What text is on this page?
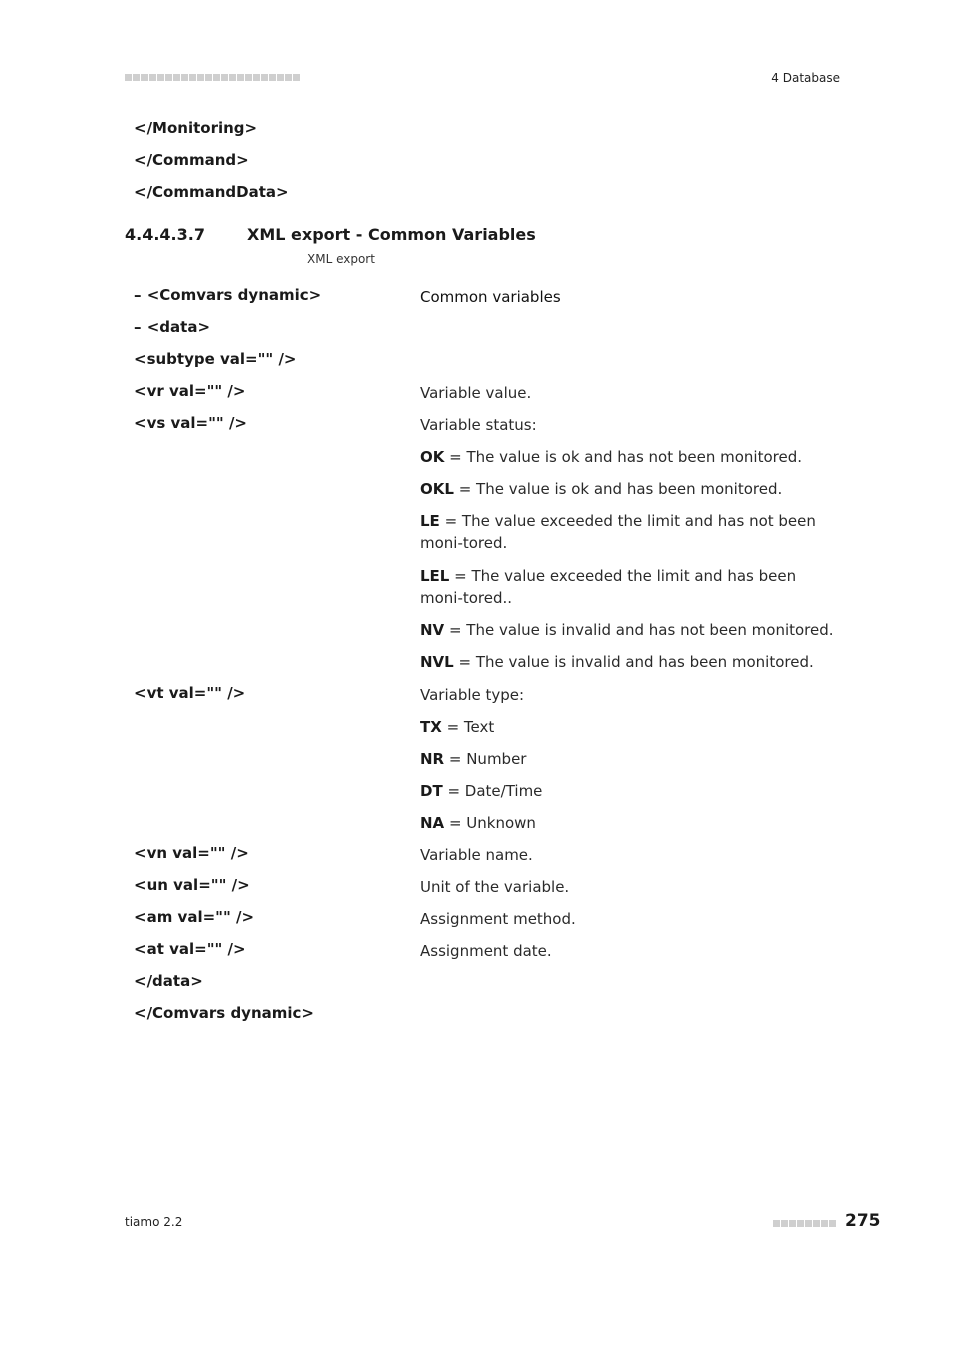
4 Database
</Monitoring>
</Command>
</CommandData>
4.4.4.3.7	XML export - Common Variables
XML export
– <Comvars dynamic>	Common variables
– <data>
<subtype val="" />
<vr val="" />	Variable value.
<vs val="" />	Variable status:
OK = The value is ok and has not been monitored.
OKL = The value is ok and has been monitored.
LE = The value exceeded the limit and has not been moni-tored.
LEL = The value exceeded the limit and has been moni-tored..
NV = The value is invalid and has not been monitored.
NVL = The value is invalid and has been monitored.
<vt val="" />	Variable type:
TX = Text
NR = Number
DT = Date/Time
NA = Unknown
<vn val="" />	Variable name.
<un val="" />	Unit of the variable.
<am val="" />	Assignment method.
<at val="" />	Assignment date.
</data>
</Comvars dynamic>
tiamo 2.2	275
